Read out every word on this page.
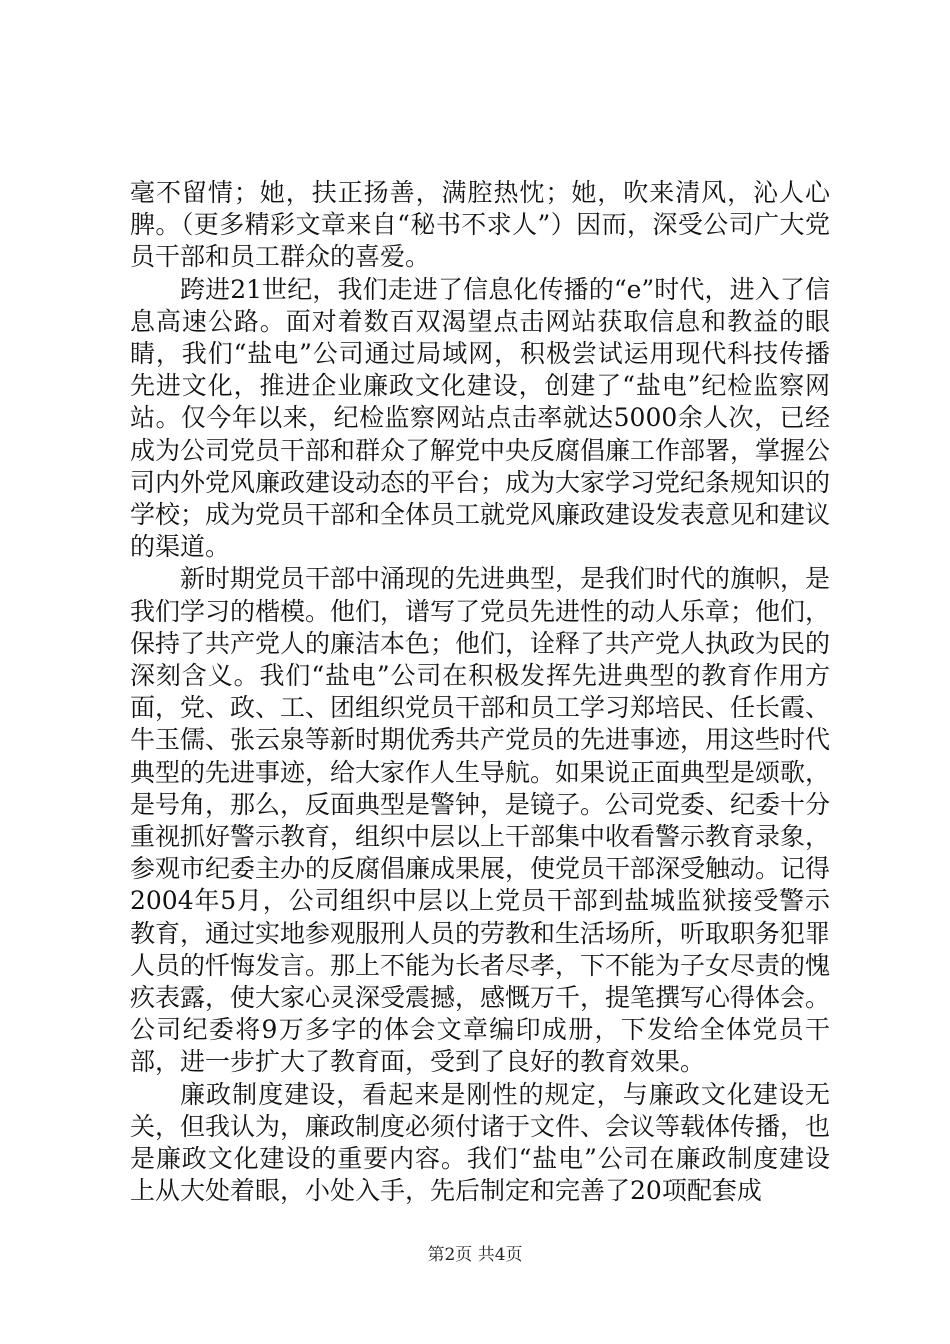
毫不留情；她，扶正扬善，满腔热忱；她，吹来清风，沁人心脾。（更多精彩文章来自“秘书不求人”）因而，深受公司广大党员干部和员工群众的喜爱。

跨进21世纪，我们走进了信息化传播的“e”时代，进入了信息高速公路。面对着数百双渴望点击网站获取信息和教益的眼睛，我们“盐电”公司通过局域网，积极尝试运用现代科技传播先进文化，推进企业廉政文化建设，创建了“盐电”纪检监察网站。仅今年以来，纪检监察网站点击率就达5000余人次，已经成为公司党员干部和群众了解党中央反腐倡廉工作部署，掌握公司内外党风廉政建设动态的平台；成为大家学习党纪条规知识的学校；成为党员干部和全体员工就党风廉政建设发表意见和建议的渠道。

新时期党员干部中涌现的先进典型，是我们时代的旗帜，是我们学习的楷模。他们，谱写了党员先进性的动人乐章；他们，保持了共产党人的廉洁本色；他们，诠释了共产党人执政为民的深刻含义。我们“盐电”公司在积极发挥先进典型的教育作用方面，党、政、工、团组织党员干部和员工学习郑培民、任长霞、牛玉儒、张云泉等新时期优秀共产党员的先进事迹，用这些时代典型的先进事迹，给大家作人生导航。如果说正面典型是颂歌，是号角，那么，反面典型是警钟，是镜子。公司党委、纪委十分重视抓好警示教育，组织中层以上干部集中收看警示教育录象，参观市纪委主办的反腐倡廉成果展，使党员干部深受触动。记得2004年5月，公司组织中层以上党员干部到盐城监狱接受警示教育，通过实地参观服刑人员的劳教和生活场所，听取职务犯罪人员的忏悔发言。那上不能为长者尽孝，下不能为子女尽责的愧疚表露，使大家心灵深受震撼，感慨万千，提笔撰写心得体会。公司纪委将9万多字的体会文章编印成册，下发给全体党员干部，进一步扩大了教育面，受到了良好的教育效果。

廉政制度建设，看起来是刚性的规定，与廉政文化建设无关，但我认为，廉政制度必须付诸于文件、会议等载体传播，也是廉政文化建设的重要内容。我们“盐电”公司在廉政制度建设上从大处着眼，小处入手，先后制定和完善了20项配套成

第2页 共4页
